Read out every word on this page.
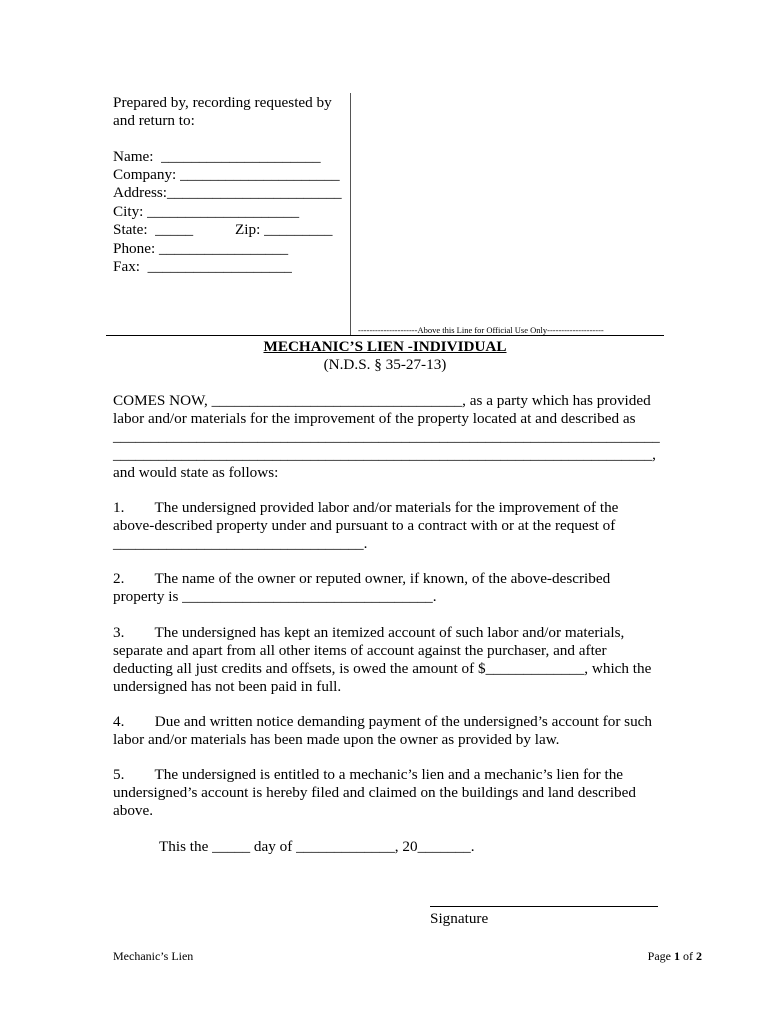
Prepared by, recording requested by
and return to:
Name:  _____________________
Company: _____________________
Address:_______________________
City: ____________________
State:  _____	Zip: _________
Phone: _________________
Fax:  ___________________
---------------------Above this Line for Official Use Only--------------------
MECHANIC’S LIEN -INDIVIDUAL
(N.D.S. § 35-27-13)
COMES NOW, _________________________________, as a party which has provided
labor and/or materials for the improvement of the property located at and described as
________________________________________________________________________
_______________________________________________________________________,
and would state as follows:
1.        The undersigned provided labor and/or materials for the improvement of the
above-described property under and pursuant to a contract with or at the request of
_________________________________.
2.        The name of the owner or reputed owner, if known, of the above-described
property is _________________________________.
3.        The undersigned has kept an itemized account of such labor and/or materials,
separate and apart from all other items of account against the purchaser, and after
deducting all just credits and offsets, is owed the amount of $_____________, which the
undersigned has not been paid in full.
4.        Due and written notice demanding payment of the undersigned’s account for such
labor and/or materials has been made upon the owner as provided by law.
5.        The undersigned is entitled to a mechanic’s lien and a mechanic’s lien for the
undersigned’s account is hereby filed and claimed on the buildings and land described
above.
This the _____ day of _____________, 20_______.
Signature
Mechanic’s Lien	Page 1 of 2
